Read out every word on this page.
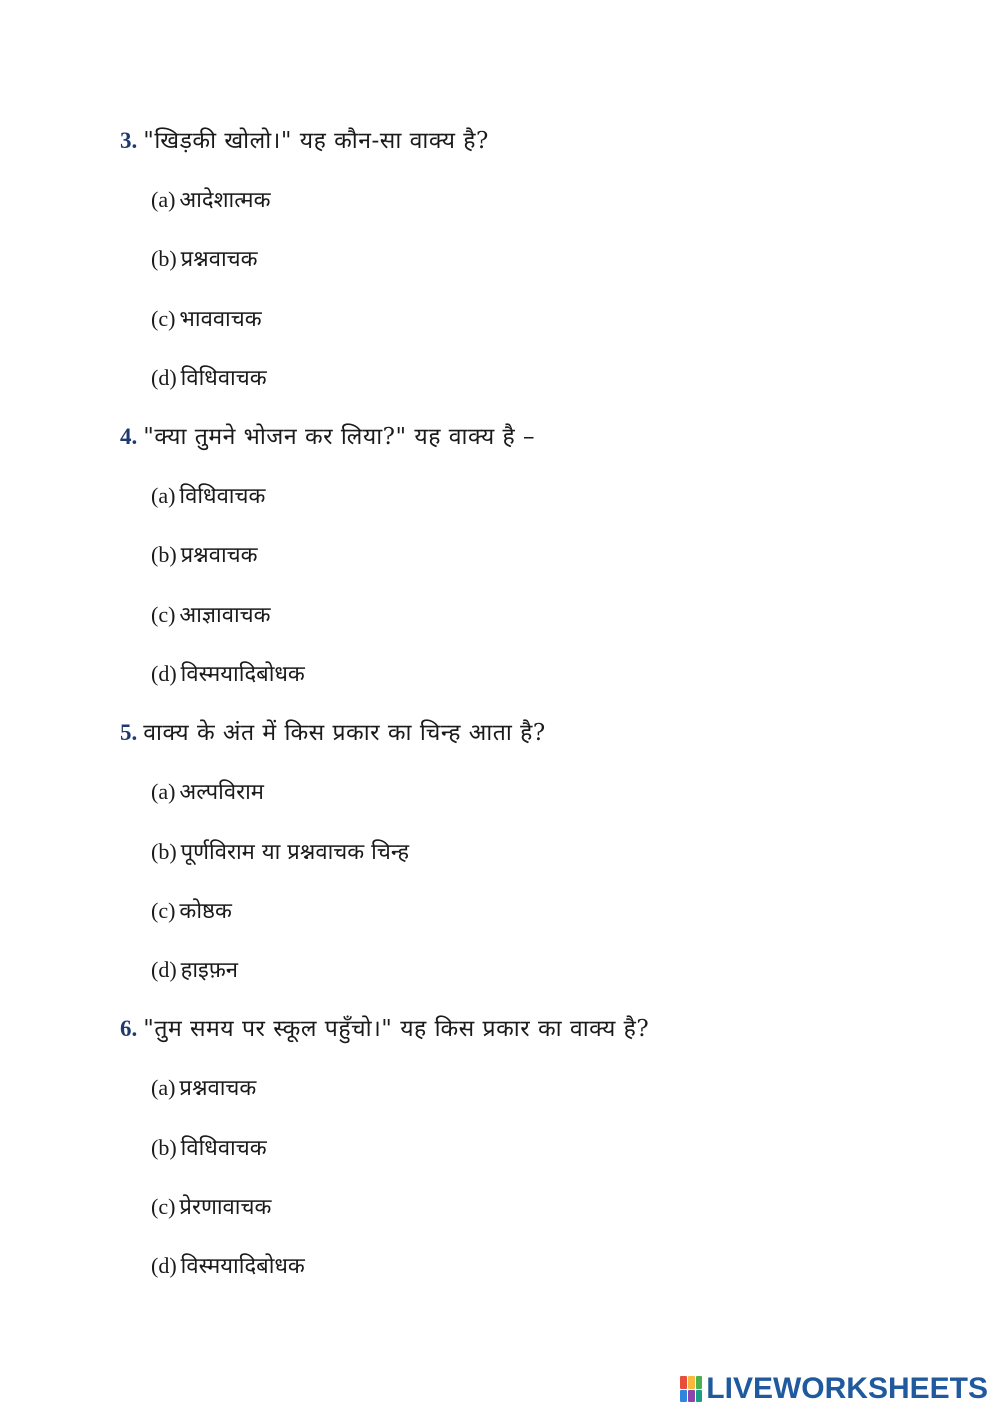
3. "खिड़की खोलो।" यह कौन-सा वाक्य है?
(a) आदेशात्मक
(b) प्रश्नवाचक
(c) भाववाचक
(d) विधिवाचक
4. "क्या तुमने भोजन कर लिया?" यह वाक्य है –
(a) विधिवाचक
(b) प्रश्नवाचक
(c) आज्ञावाचक
(d) विस्मयादिबोधक
5. वाक्य के अंत में किस प्रकार का चिन्ह आता है?
(a) अल्पविराम
(b) पूर्णविराम या प्रश्नवाचक चिन्ह
(c) कोष्ठक
(d) हाइफ़न
6. "तुम समय पर स्कूल पहुँचो।" यह किस प्रकार का वाक्य है?
(a) प्रश्नवाचक
(b) विधिवाचक
(c) प्रेरणावाचक
(d) विस्मयादिबोधक
LIVEWORKSHEETS
